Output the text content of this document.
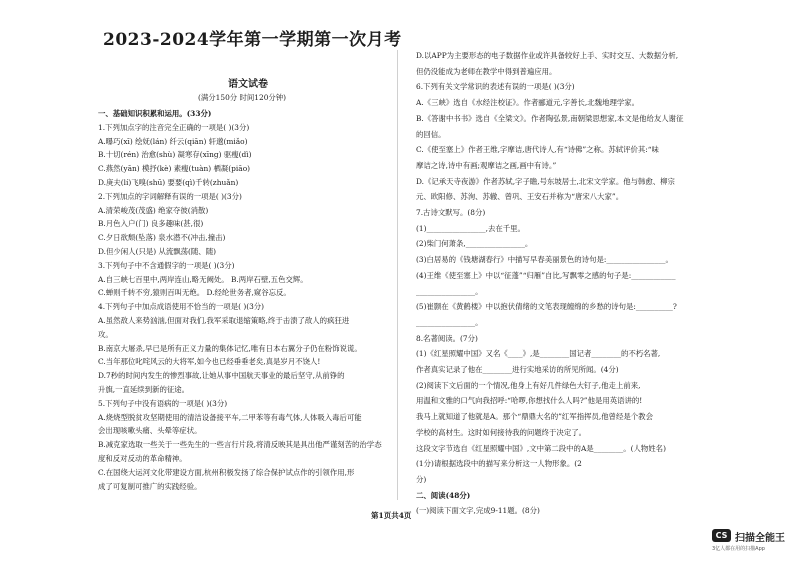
2023-2024学年第一学期第一次月考

语文试卷

(满分150分 时间120分钟)

一、基础知识积累和运用。(33分)

1.下列加点字的注音完全正确的一项是( )(3分)

A.曝巧(xī) 绘妩(lán) 纤云(qiān) 轩邈(miǎo)

B.十切(rén) 治愈(shù) 凝寒存(xīng) 驱瘦(dì)

C.燕然(yān) 模抒(kè) 素瘦(tuàn) 栖凝(piāo)

D.庚夫(lí)飞嗅(shū) 要要(qì)千转(zhuǎn)

2.下列加点的字词解释有误的一项是( )(3分)

A.清荣峻茂(茂盛) 绝家夺彼(消散)

B.月色入户(门) 良多趣味(甚,很)

C.夕日欲颓(坠落) 泉水潜不(冲击,撞击)

D.但少闲人(只是) 从流飘荡(随、随)

3.下列句子中不含通假字的一项是( )(3分)

A.自三峡七百里中,两岸连山,略无阙处。 B.两岸石壁,五色交辉。

C.蝉则千转不穷,猿则百叫无绝。 D.经纶世务者,窥谷忘反。

4.下列句子中加点成语使用不恰当的一项是( )(3分)

A.虽然敌人来势汹汹,但面对我们,我军采取退缩策略,终于击溃了敌人的疯狂进

攻。

B.南京大屠杀,早已是所有正义力量的集体记忆,唯有日本右翼分子仍在粉饰说谎。

C.当年那位叱咤风云的大将军,如今也已经垂垂老矣,真是岁月不饶人!

D.7秒的时间内发生的惨烈事故,让她从事中国航天事业的最后坚守,从前铮的

升旗,一直延续到新的征途。

5.下列句子中没有语病的一项是( )(3分)

A.烧烧型脱贫攻坚期使用的清洁设备接平车,二甲苯等有毒气体,人体吸入毒后可能

会出现咳嗽头痛、头晕等症状。

B.减克家选取一些关于一些先生的一些言行片段,将清反映其是具出他严谨刻苦的治学态

度和反对反动的革命精神。

C.在国绕大运河文化带建设方面,杭州积极发扬了综合保护试点作的引领作用,形

成了可复制可推广的实践经验。

D.以APP为主要形态的电子数据作业或许具备较好上手、实时交互、大数据分析,

但仍没能成为老师在教学中得到普遍应用。

6.下列有关文学常识的表述有误的一项是( )(3分)

A.《三峡》选自《水经注校证》。作者郦道元,字善长,北魏地理学家。

B.《答谢中书书》选自《全梁文》。作者陶弘景,南朝梁思想家,本文是他给友人谢征

的回信。

C.《使至塞上》作者王维,字摩诘,唐代诗人,有“诗佛”之称。苏轼评价其:“味

摩诘之诗,诗中有画;观摩诘之画,画中有诗。”

D.《记承天寺夜游》作者苏轼,字子瞻,号东坡居士,北宋文学家。他与韩愈、柳宗

元、欧阳修、苏洵、苏辙、曾巩、王安石并称为“唐宋八大家”。

7.古诗文默写。(8分)

(1)________________,去在千里。

(2)柴门何萧条,________________。

(3)白居易的《钱塘湖春行》中描写早春美丽景色的诗句是:________________。

(4)王维《使至塞上》中以“征蓬”“归雁”自比,写飘零之感的句子是:____________

________________。

(5)崔颢在《黄鹤楼》中以抱伏倩绪的文笔表现缠绵的乡愁的诗句是:__________?

________________。

8.名著阅读。(7分)

(1)《红星照耀中国》又名《____》,是________国记者________的不朽名著,

作者真实记录了他在________进行实地采访的所见所闻。(4分)

(2)阅读下文后面的一个情况,他身上有好几件绿色大钉子,他走上前来,

用温和文雅的口气向我招呼:“哈啰,你想找什么人吗?”他是用英语讲的!

我马上就知道了他就是A。那个“鼎鼎大名的”红军指挥员,他曾经是个教会

学校的高材生。这时如何接待我的问题终于决定了。

这段文字节选自《红星照耀中国》,文中第二段中的A是________。(人物姓名)

(1分)请根据选段中的描写来分析这一人物形象。(2

分)

二、阅读(48分)

(一)阅读下面文字,完成9-11题。(8分)

第1页共4页
CS 扫描全能王
3亿人都在用的扫描App
